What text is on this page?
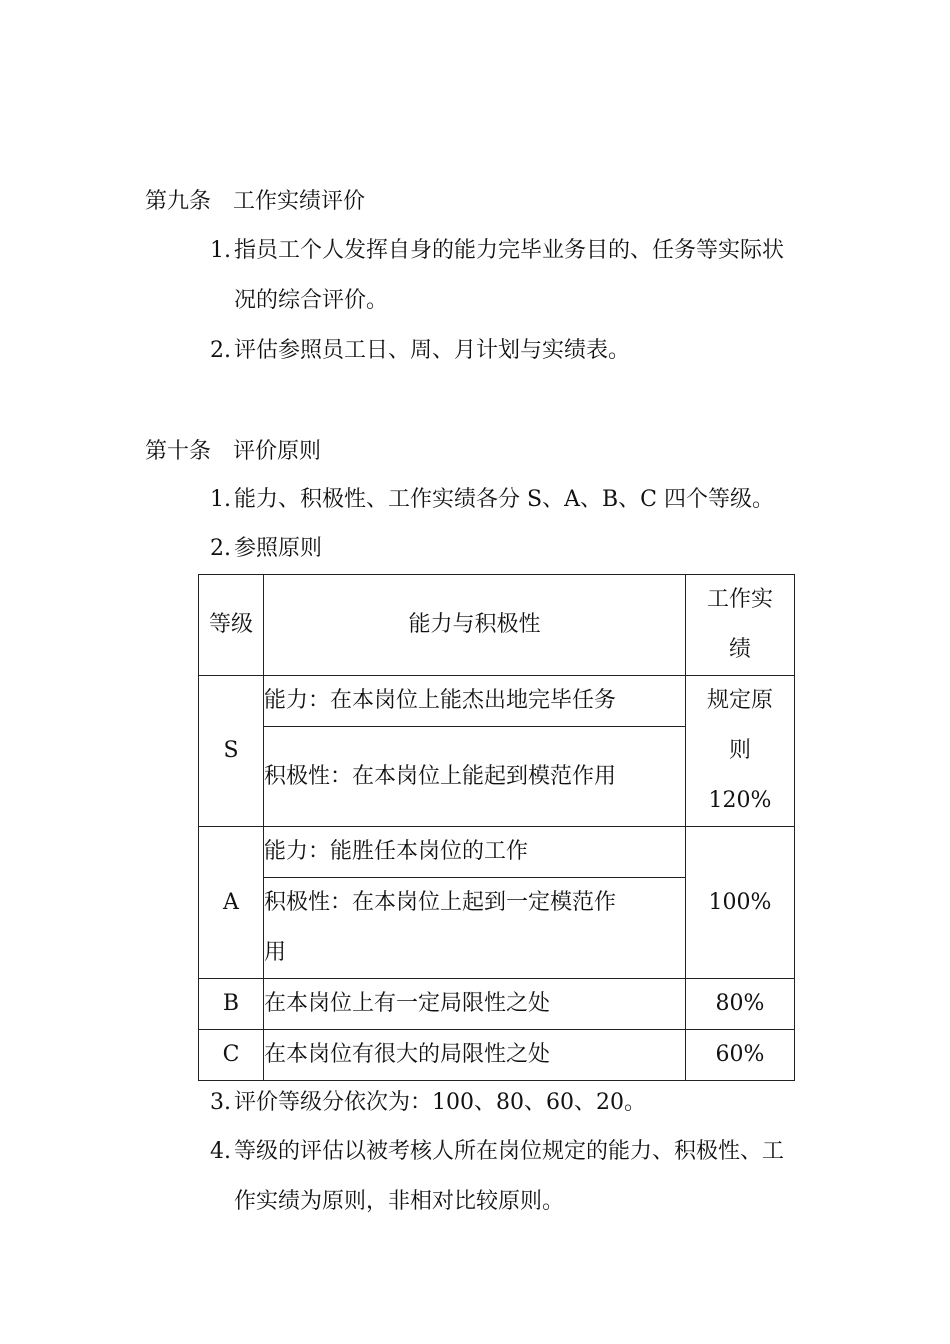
第九条 工作实绩评价
1. 指员工个人发挥自身的能力完毕业务目的、任务等实际状
况的综合评价。
2. 评估参照员工日、周、月计划与实绩表。
第十条 评价原则
1. 能力、积极性、工作实绩各分 S、A、B、C 四个等级。
2. 参照原则
等级	能力与积极性	工作实
绩

S	能力：在本岗位上能杰出地完毕任务	规定原
则
120%

	积极性：在本岗位上能起到模范作用	
A	能力：能胜任本岗位的工作	100%

	积极性：在本岗位上起到一定模范作
用	

B	在本岗位上有一定局限性之处	80%
C	在本岗位有很大的局限性之处	60%
3. 评价等级分依次为：100、80、60、20。
4. 等级的评估以被考核人所在岗位规定的能力、积极性、工
作实绩为原则，非相对比较原则。
